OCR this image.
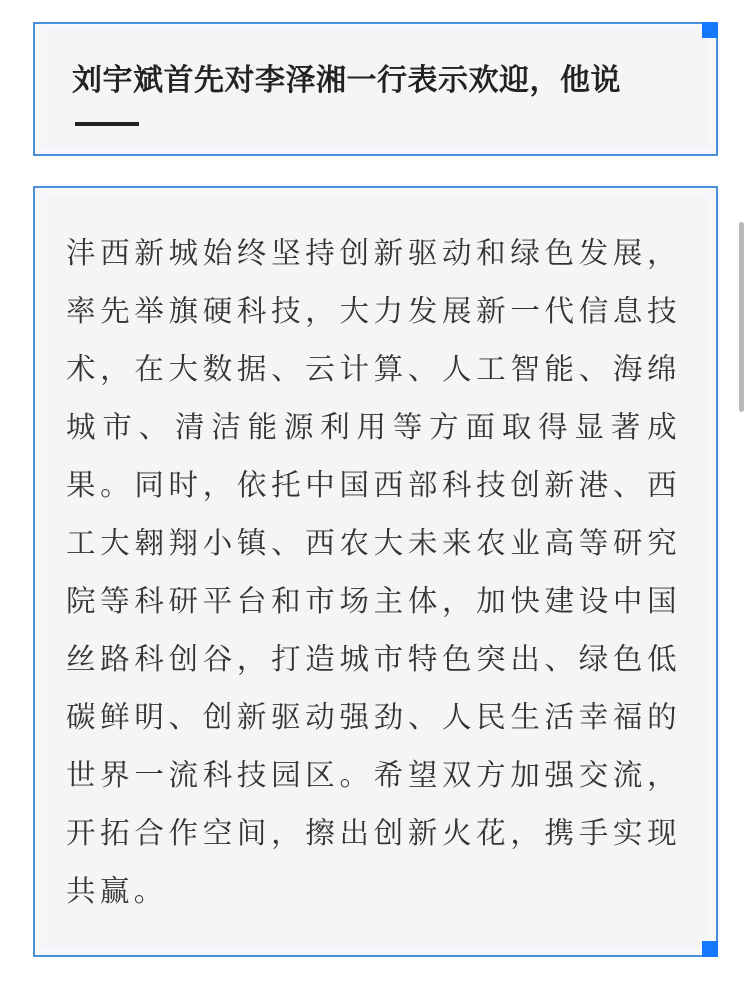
刘宇斌首先对李泽湘一行表示欢迎，他说

沣西新城始终坚持创新驱动和绿色发展，率先举旗硬科技，大力发展新一代信息技术，在大数据、云计算、人工智能、海绵城市、清洁能源利用等方面取得显著成果。同时，依托中国西部科技创新港、西工大翱翔小镇、西农大未来农业高等研究院等科研平台和市场主体，加快建设中国丝路科创谷，打造城市特色突出、绿色低碳鲜明、创新驱动强劲、人民生活幸福的世界一流科技园区。希望双方加强交流，开拓合作空间，擦出创新火花，携手实现共赢。
